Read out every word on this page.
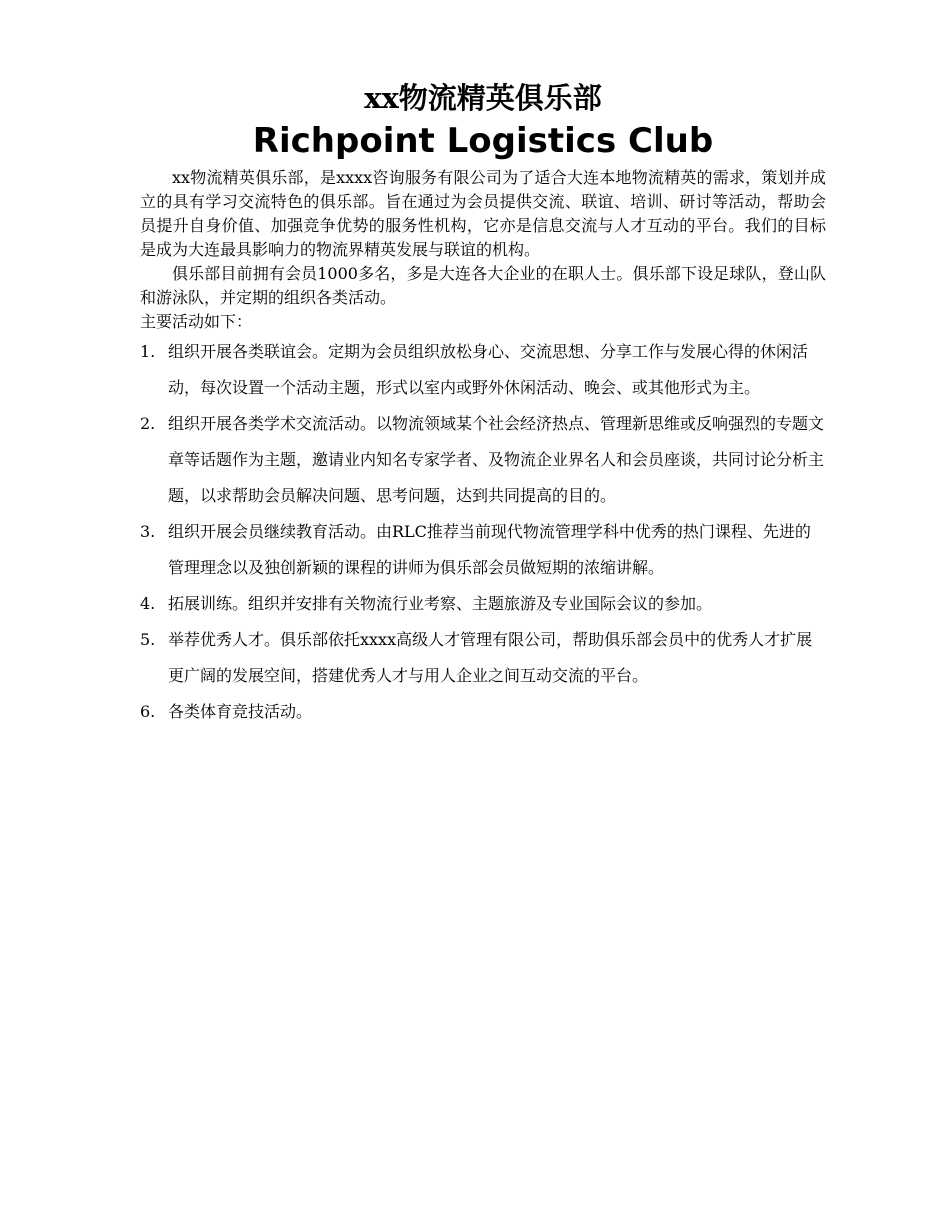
xx物流精英俱乐部
Richpoint Logistics Club

xx物流精英俱乐部，是xxxx咨询服务有限公司为了适合大连本地物流精英的需求，策划并成立的具有学习交流特色的俱乐部。旨在通过为会员提供交流、联谊、培训、研讨等活动，帮助会员提升自身价值、加强竞争优势的服务性机构，它亦是信息交流与人才互动的平台。我们的目标是成为大连最具影响力的物流界精英发展与联谊的机构。

俱乐部目前拥有会员1000多名，多是大连各大企业的在职人士。俱乐部下设足球队，登山队和游泳队，并定期的组织各类活动。

主要活动如下：

1. 组织开展各类联谊会。定期为会员组织放松身心、交流思想、分享工作与发展心得的休闲活动，每次设置一个活动主题，形式以室内或野外休闲活动、晚会、或其他形式为主。
2. 组织开展各类学术交流活动。以物流领域某个社会经济热点、管理新思维或反响强烈的专题文章等话题作为主题，邀请业内知名专家学者、及物流企业界名人和会员座谈，共同讨论分析主题，以求帮助会员解决问题、思考问题，达到共同提高的目的。
3. 组织开展会员继续教育活动。由RLC推荐当前现代物流管理学科中优秀的热门课程、先进的管理理念以及独创新颖的课程的讲师为俱乐部会员做短期的浓缩讲解。
4. 拓展训练。组织并安排有关物流行业考察、主题旅游及专业国际会议的参加。
5. 举荐优秀人才。俱乐部依托xxxx高级人才管理有限公司，帮助俱乐部会员中的优秀人才扩展更广阔的发展空间，搭建优秀人才与用人企业之间互动交流的平台。
6. 各类体育竞技活动。
